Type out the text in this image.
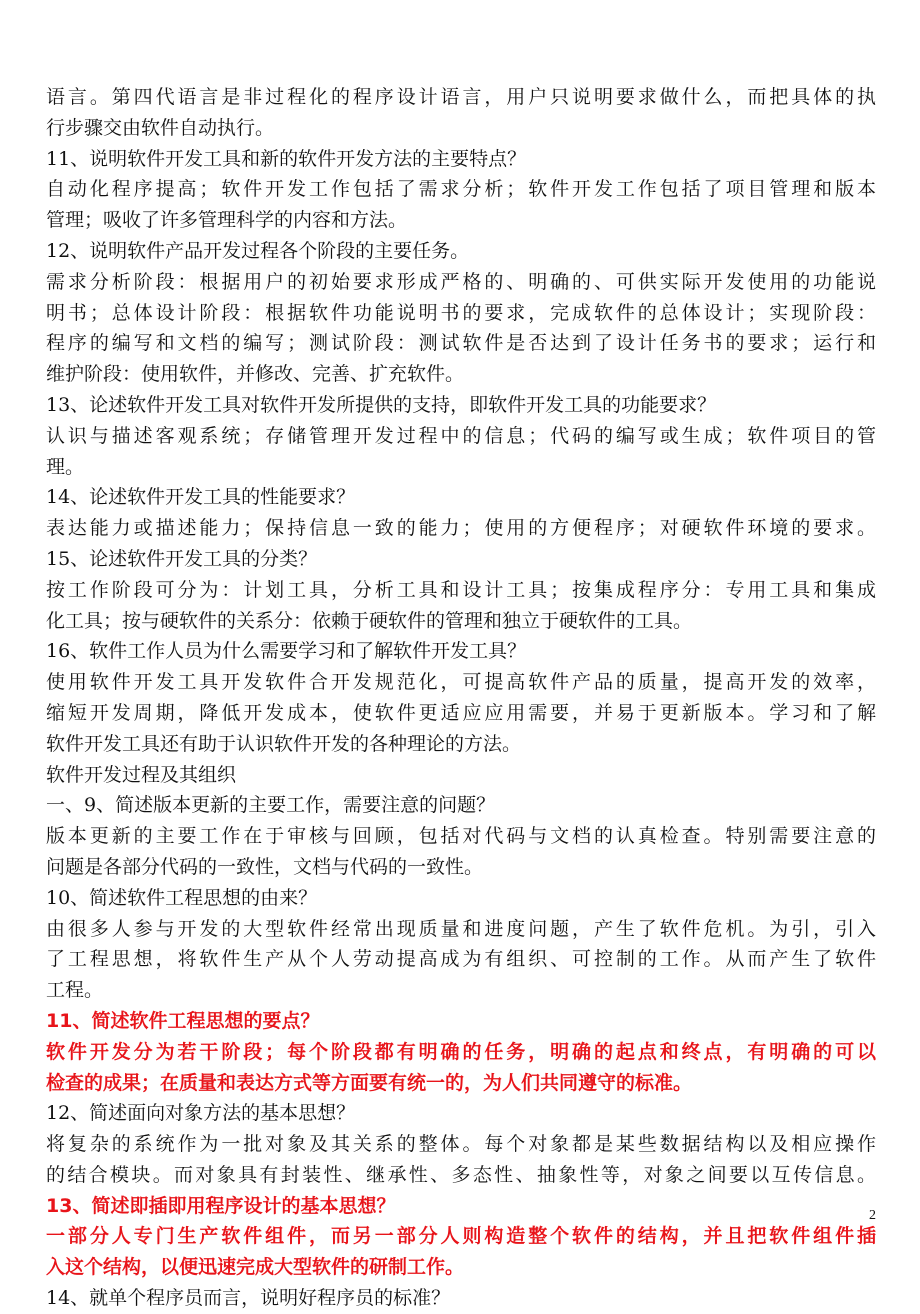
语言。第四代语言是非过程化的程序设计语言，用户只说明要求做什么，而把具体的执
行步骤交由软件自动执行。
11、说明软件开发工具和新的软件开发方法的主要特点？
自动化程序提高；软件开发工作包括了需求分析；软件开发工作包括了项目管理和版本
管理；吸收了许多管理科学的内容和方法。
12、说明软件产品开发过程各个阶段的主要任务。
需求分析阶段：根据用户的初始要求形成严格的、明确的、可供实际开发使用的功能说
明书；总体设计阶段：根据软件功能说明书的要求，完成软件的总体设计；实现阶段：
程序的编写和文档的编写；测试阶段：测试软件是否达到了设计任务书的要求；运行和
维护阶段：使用软件，并修改、完善、扩充软件。
13、论述软件开发工具对软件开发所提供的支持，即软件开发工具的功能要求？
认识与描述客观系统；存储管理开发过程中的信息；代码的编写或生成；软件项目的管
理。
14、论述软件开发工具的性能要求？
表达能力或描述能力；保持信息一致的能力；使用的方便程序；对硬软件环境的要求。
15、论述软件开发工具的分类？
按工作阶段可分为：计划工具，分析工具和设计工具；按集成程序分：专用工具和集成
化工具；按与硬软件的关系分：依赖于硬软件的管理和独立于硬软件的工具。
16、软件工作人员为什么需要学习和了解软件开发工具？
使用软件开发工具开发软件合开发规范化，可提高软件产品的质量，提高开发的效率，
缩短开发周期，降低开发成本，使软件更适应应用需要，并易于更新版本。学习和了解
软件开发工具还有助于认识软件开发的各种理论的方法。
软件开发过程及其组织
一、9、简述版本更新的主要工作，需要注意的问题？
版本更新的主要工作在于审核与回顾，包括对代码与文档的认真检查。特别需要注意的
问题是各部分代码的一致性，文档与代码的一致性。
10、简述软件工程思想的由来？
由很多人参与开发的大型软件经常出现质量和进度问题，产生了软件危机。为引，引入
了工程思想，将软件生产从个人劳动提高成为有组织、可控制的工作。从而产生了软件
工程。
11、简述软件工程思想的要点？
软件开发分为若干阶段；每个阶段都有明确的任务，明确的起点和终点，有明确的可以
检查的成果；在质量和表达方式等方面要有统一的，为人们共同遵守的标准。
12、简述面向对象方法的基本思想？
将复杂的系统作为一批对象及其关系的整体。每个对象都是某些数据结构以及相应操作
的结合模块。而对象具有封装性、继承性、多态性、抽象性等，对象之间要以互传信息。
13、简述即插即用程序设计的基本思想？
一部分人专门生产软件组件，而另一部分人则构造整个软件的结构，并且把软件组件插
入这个结构，以便迅速完成大型软件的研制工作。
14、就单个程序员而言，说明好程序员的标准？
2
